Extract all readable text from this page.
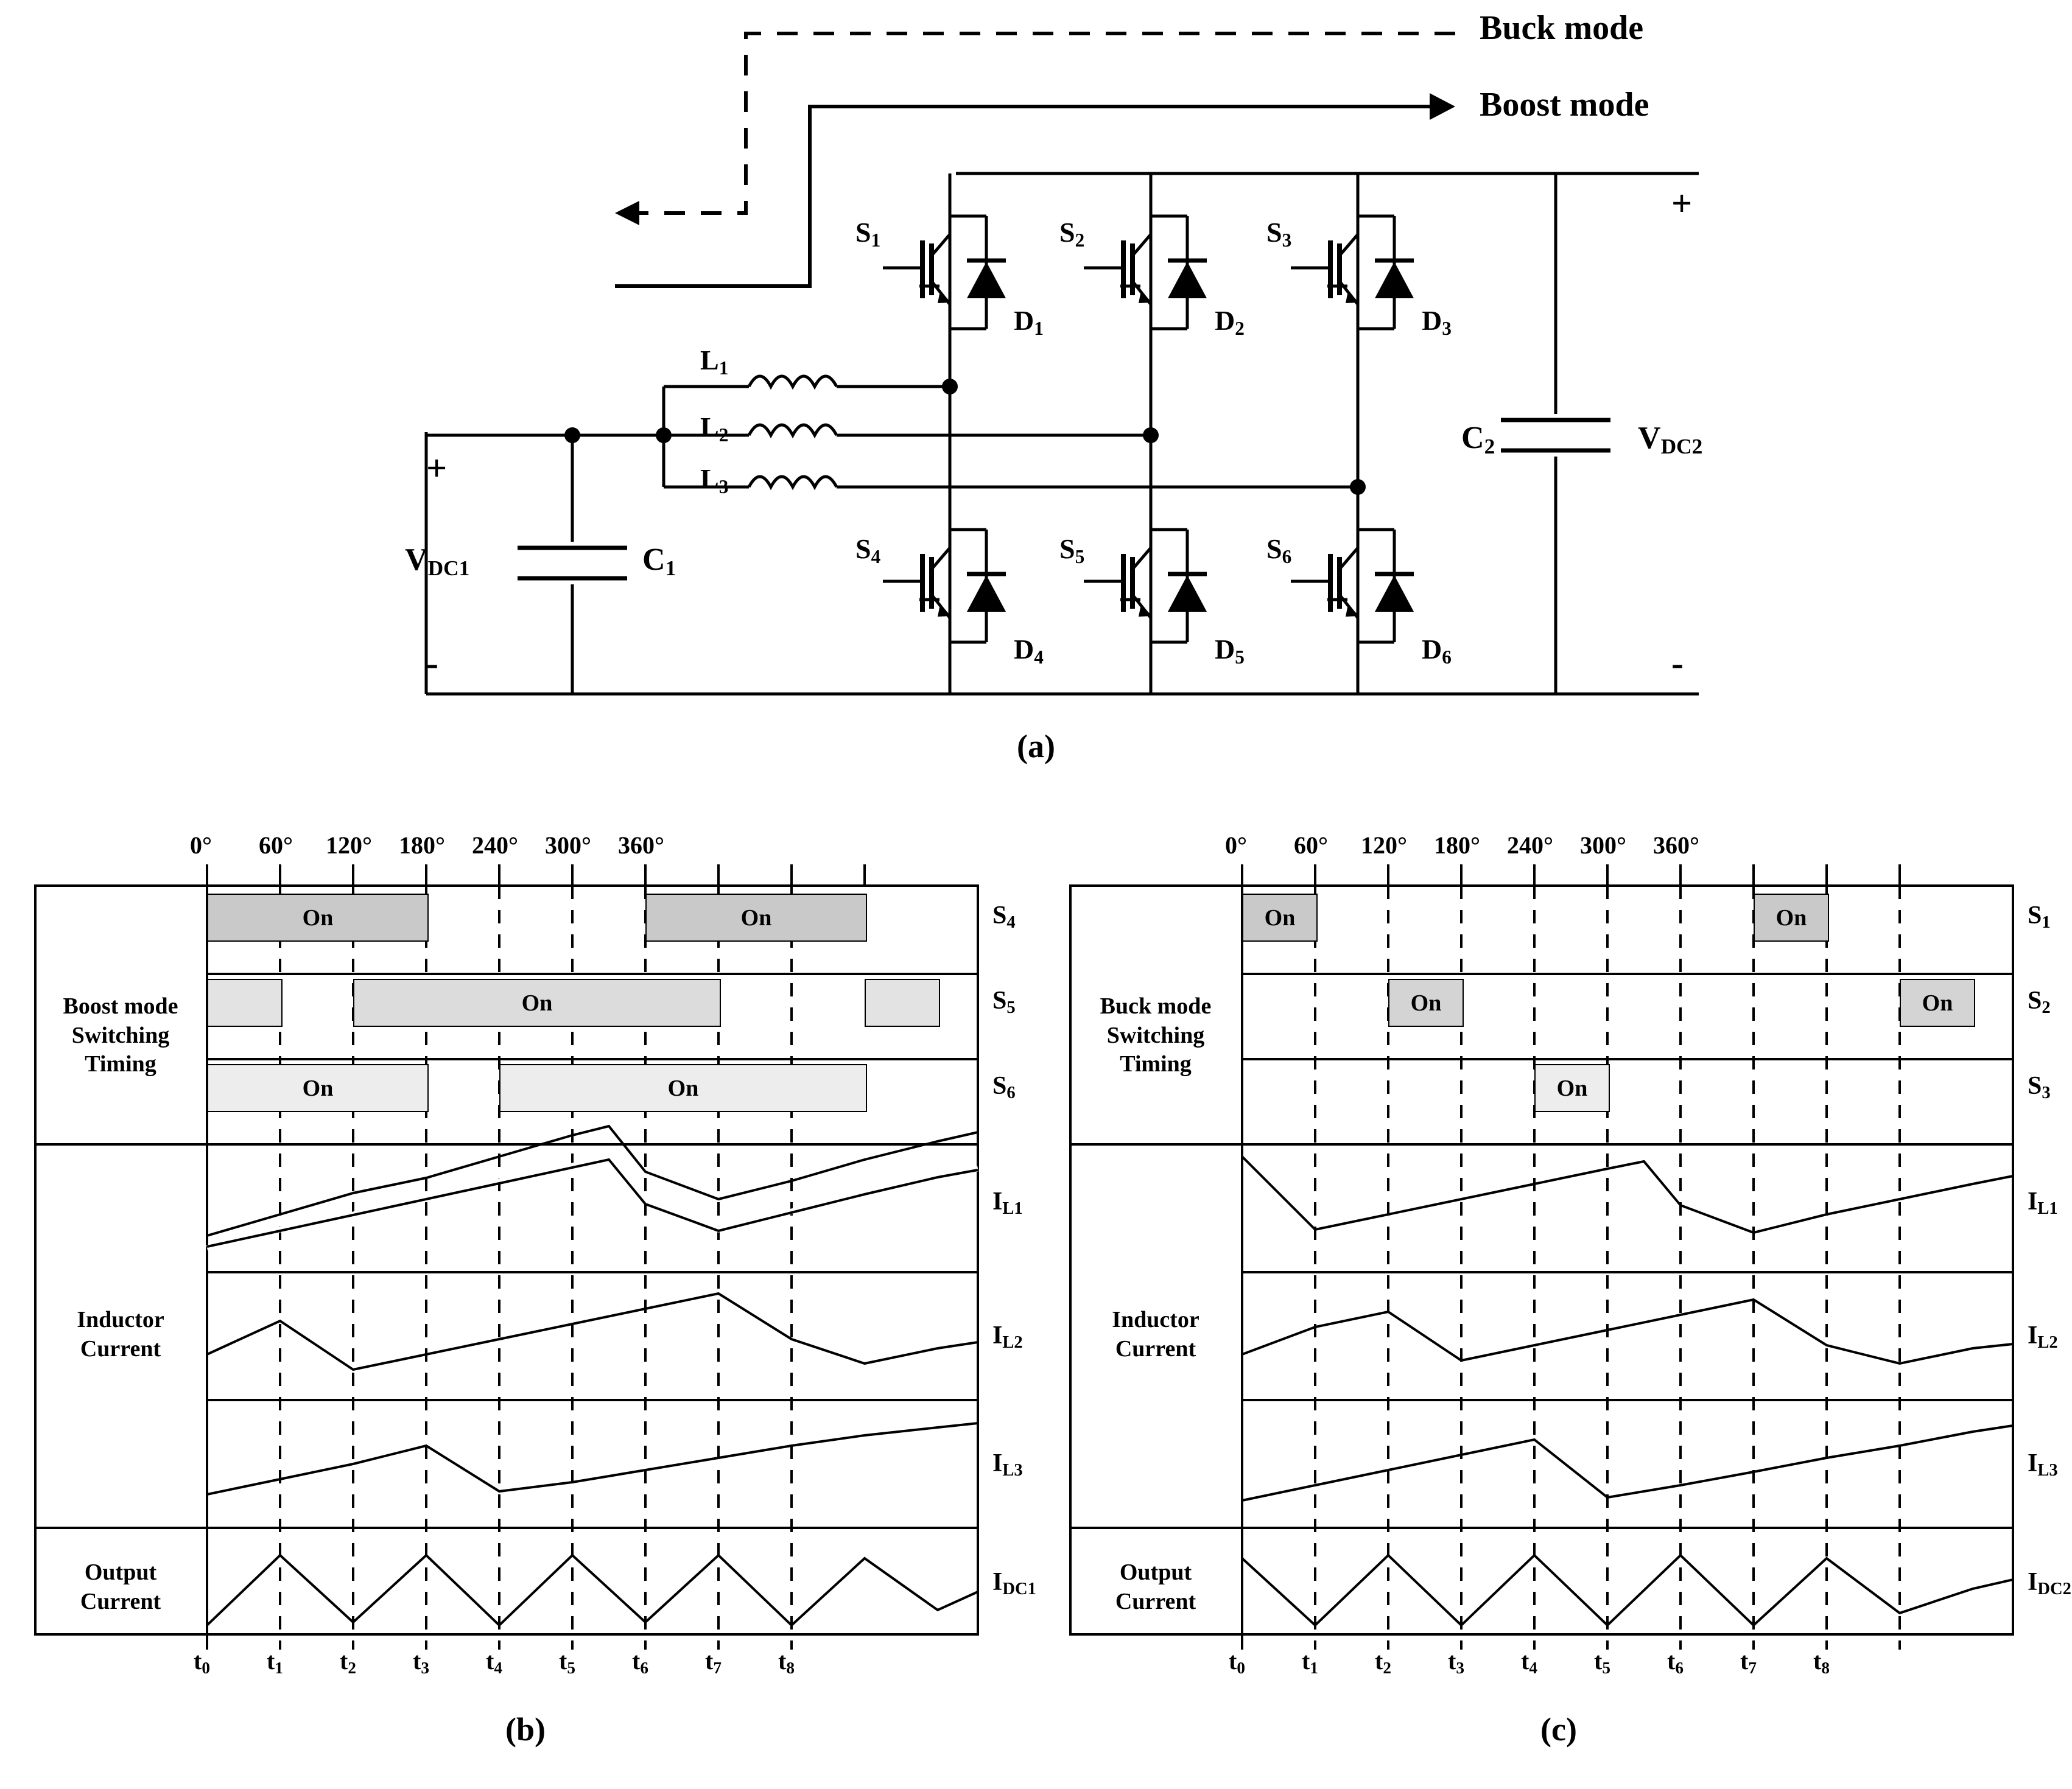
Buck mode
Boost mode
$S_1$	$S_2$	$S_3$
$S_4$	$S_5$	$S_6$
$D_1$	$D_2$	$D_3$
$D_4$	$D_5$	$D_6$
$L_1$
$L_2$
$L_3$
$C_1$
$C_2$
$V_{DC1}$
$V_{DC2}$
+
-
+
-
(a)
Boost mode
Switching
Timing
Inductor
Current
Output
Current
0° 60° 120° 180° 240° 300° 360°
On	On
On
On	On
$S_4$
$S_5$
$S_6$
$I_{L1}$
$I_{L2}$
$I_{L3}$
$I_{DC1}$
$t_0$ $t_1$ $t_2$ $t_3$ $t_4$ $t_5$ $t_6$ $t_7$ $t_8$
(b)
Buck mode
Switching
Timing
Inductor
Current
Output
Current
0° 60° 120° 180° 240° 300° 360°
On	On
On	On
On
$S_1$
$S_2$
$S_3$
$I_{L1}$
$I_{L2}$
$I_{L3}$
$I_{DC2}$
$t_0$ $t_1$ $t_2$ $t_3$ $t_4$ $t_5$ $t_6$ $t_7$ $t_8$
(c)
